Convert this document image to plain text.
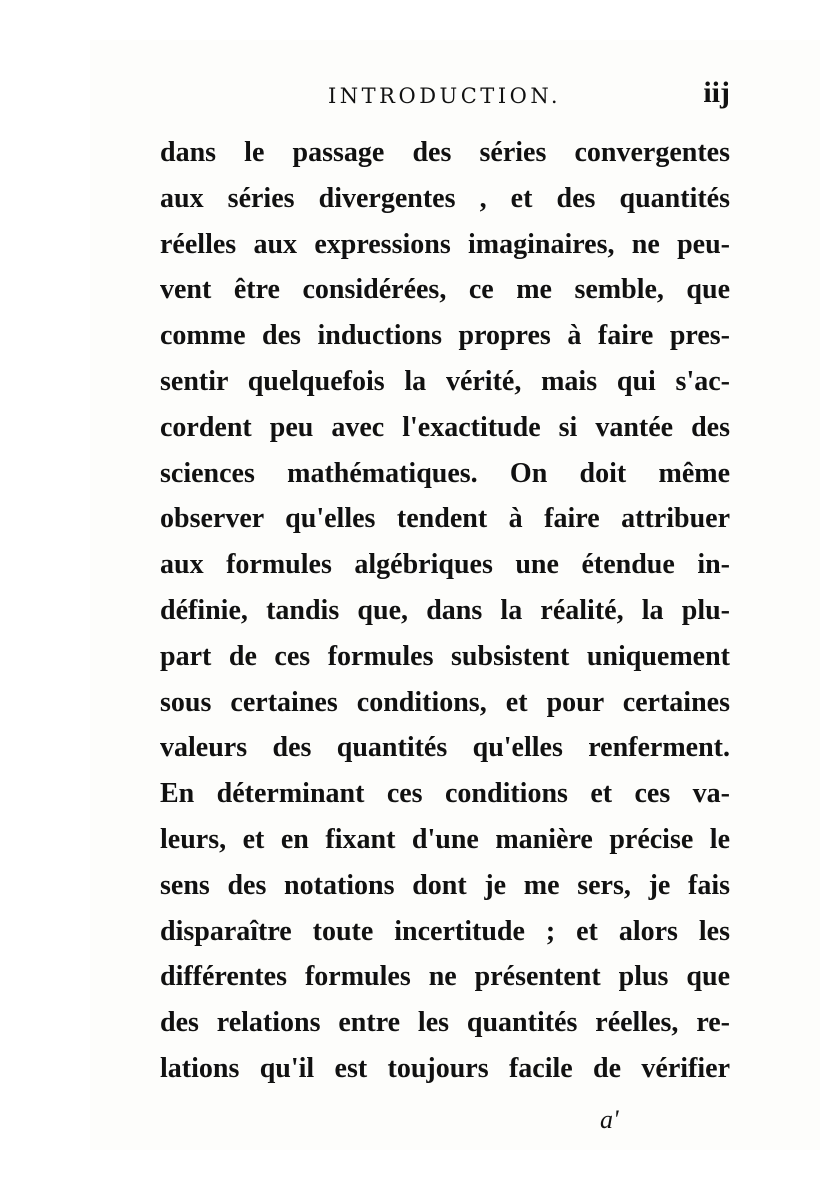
INTRODUCTION.	iij
dans le passage des séries convergentes
aux séries divergentes , et des quantités
réelles aux expressions imaginaires, ne peu-
vent être considérées, ce me semble, que
comme des inductions propres à faire pres-
sentir quelquefois la vérité, mais qui s'ac-
cordent peu avec l'exactitude si vantée des
sciences mathématiques. On doit même
observer qu'elles tendent à faire attribuer
aux formules algébriques une étendue in-
définie, tandis que, dans la réalité, la plu-
part de ces formules subsistent uniquement
sous certaines conditions, et pour certaines
valeurs des quantités qu'elles renferment.
En déterminant ces conditions et ces va-
leurs, et en fixant d'une manière précise le
sens des notations dont je me sers, je fais
disparaître toute incertitude ; et alors les
différentes formules ne présentent plus que
des relations entre les quantités réelles, re-
lations qu'il est toujours facile de vérifier
a'
